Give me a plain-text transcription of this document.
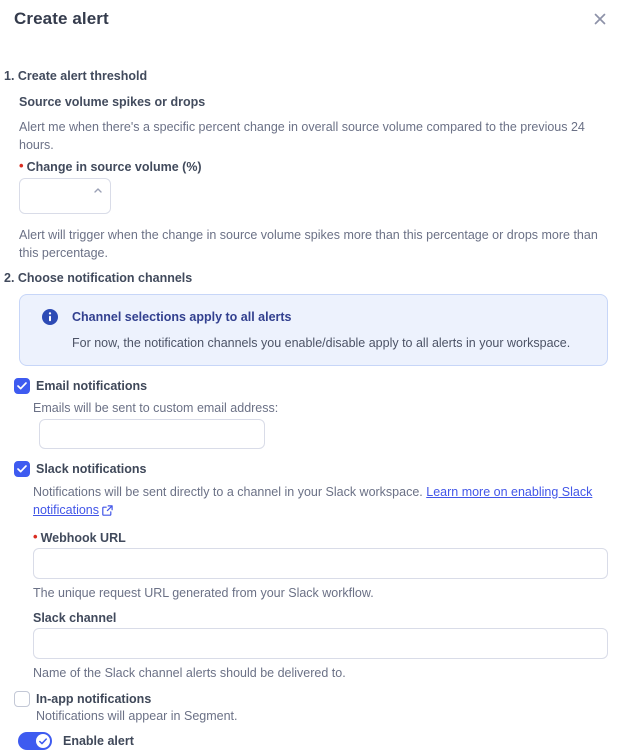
Create alert
1. Create alert threshold
Source volume spikes or drops

Alert me when there's a specific percent change in overall source volume compared to the previous 24 hours.

• Change in source volume (%)

Alert will trigger when the change in source volume spikes more than this percentage or drops more than this percentage.

2. Choose notification channels
Channel selections apply to all alerts
For now, the notification channels you enable/disable apply to all alerts in your workspace.
Email notifications
Emails will be sent to custom email address:
Slack notifications

Notifications will be sent directly to a channel in your Slack workspace. Learn more on enabling Slack notifications

• Webhook URL
The unique request URL generated from your Slack workflow.
Slack channel
Name of the Slack channel alerts should be delivered to.
In-app notifications
Notifications will appear in Segment.
Enable alert
